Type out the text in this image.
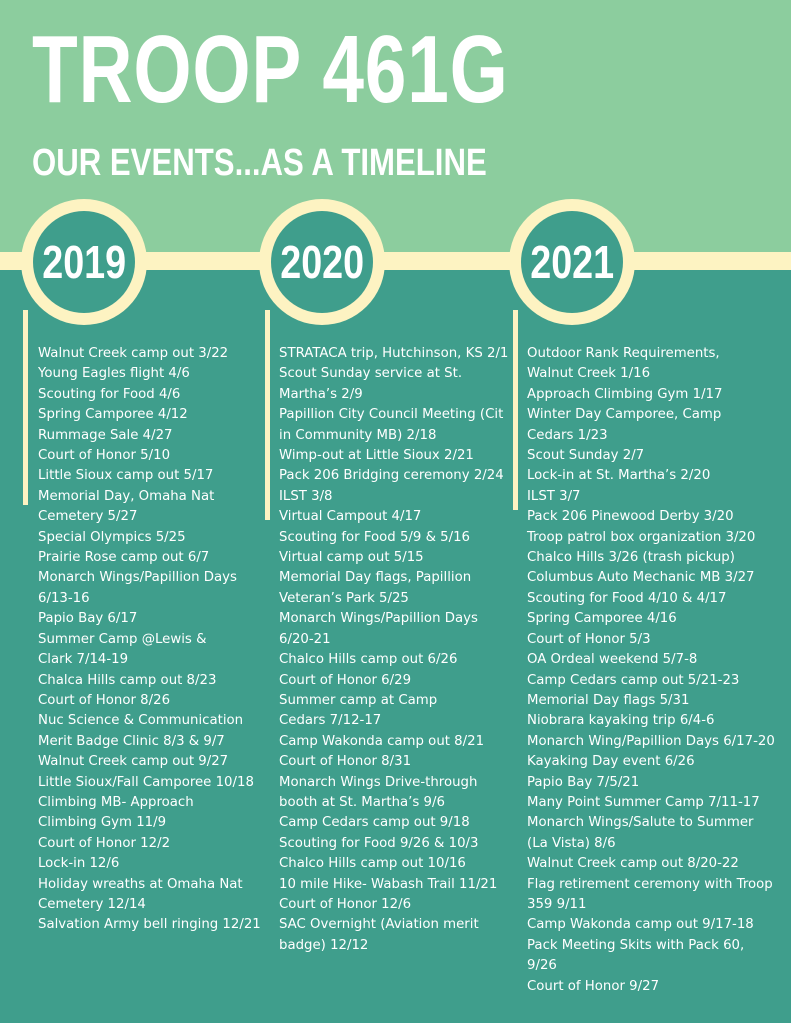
TROOP 461G
OUR EVENTS...AS A TIMELINE
2019	2020	2021

Walnut Creek camp out 3/22

Young Eagles flight 4/6

Scouting for Food 4/6

Spring Camporee 4/12

Rummage Sale 4/27

Court of Honor 5/10

Little Sioux camp out 5/17

Memorial Day, Omaha Nat Cemetery 5/27

Special Olympics 5/25

Prairie Rose camp out 6/7

Monarch Wings/Papillion Days 6/13-16

Papio Bay 6/17

Summer Camp @Lewis & Clark 7/14-19

Chalca Hills camp out 8/23

Court of Honor 8/26

Nuc Science & Communication Merit Badge Clinic 8/3 & 9/7

Walnut Creek camp out 9/27

Little Sioux/Fall Camporee 10/18

Climbing MB- Approach Climbing Gym 11/9

Court of Honor 12/2

Lock-in 12/6

Holiday wreaths at Omaha Nat Cemetery 12/14

Salvation Army bell ringing 12/21

STRATACA trip, Hutchinson, KS 2/1

Scout Sunday service at St. Martha’s 2/9

Papillion City Council Meeting (Cit in Community MB) 2/18

Wimp-out at Little Sioux 2/21

Pack 206 Bridging ceremony 2/24

ILST 3/8

Virtual Campout 4/17

Scouting for Food 5/9 & 5/16

Virtual camp out 5/15

Memorial Day flags, Papillion Veteran’s Park 5/25

Monarch Wings/Papillion Days 6/20-21

Chalco Hills camp out 6/26

Court of Honor 6/29

Summer camp at Camp Cedars 7/12-17

Camp Wakonda camp out 8/21

Court of Honor 8/31

Monarch Wings Drive-through booth at St. Martha’s 9/6

Camp Cedars camp out 9/18

Scouting for Food 9/26 & 10/3

Chalco Hills camp out 10/16

10 mile Hike- Wabash Trail 11/21

Court of Honor 12/6

SAC Overnight (Aviation merit badge) 12/12

Outdoor Rank Requirements, Walnut Creek 1/16

Approach Climbing Gym 1/17

Winter Day Camporee, Camp Cedars 1/23

Scout Sunday 2/7

Lock-in at St. Martha’s 2/20

ILST 3/7

Pack 206 Pinewood Derby 3/20

Troop patrol box organization 3/20

Chalco Hills 3/26 (trash pickup)

Columbus Auto Mechanic MB 3/27

Scouting for Food 4/10 & 4/17

Spring Camporee 4/16

Court of Honor 5/3

OA Ordeal weekend 5/7-8

Camp Cedars camp out 5/21-23

Memorial Day flags 5/31

Niobrara kayaking trip 6/4-6

Monarch Wing/Papillion Days 6/17-20

Kayaking Day event 6/26

Papio Bay 7/5/21

Many Point Summer Camp 7/11-17

Monarch Wings/Salute to Summer (La Vista) 8/6

Walnut Creek camp out 8/20-22

Flag retirement ceremony with Troop 359 9/11

Camp Wakonda camp out 9/17-18

Pack Meeting Skits with Pack 60, 9/26

Court of Honor 9/27
